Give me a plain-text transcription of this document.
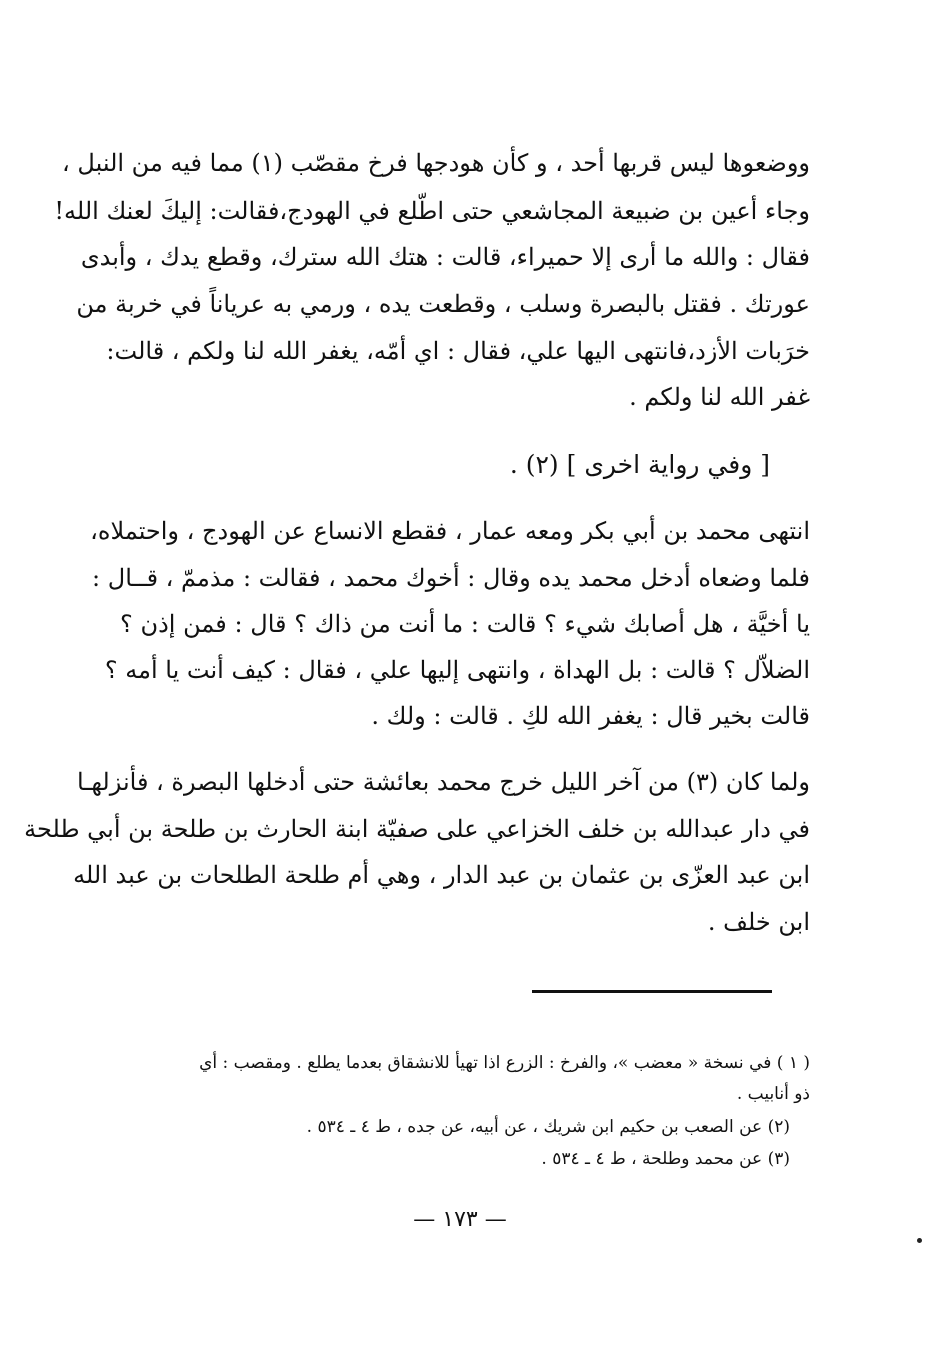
ووضعوها ليس قربها أحد ، و كأن هودجها فرخ مقصّب (١) مما فيه من النبل ،
وجاء أعين بن ضبيعة المجاشعي حتى اطّلع في الهودج،فقالت: إليكَ لعنك الله!
فقال : والله ما أرى إلا حميراء، قالت : هتك الله سترك، وقطع يدك ، وأبدى
عورتك . فقتل بالبصرة وسلب ، وقطعت يده ، ورمي به عرياناً في خربة من
خرَبات الأزد،فانتهى اليها علي، فقال : اي أمّه، يغفر الله لنا ولكم ، قالت:
غفر الله لنا ولكم .
[ وفي رواية اخرى ] (٢) .
انتهى محمد بن أبي بكر ومعه عمار ، فقطع الانساع عن الهودج ، واحتملاه،
فلما وضعاه أدخل محمد يده وقال : أخوك محمد ، فقالت : مذممّ ، قــال :
يا أخيَّة ، هل أصابك شيء ؟ قالت : ما أنت من ذاك ؟ قال : فمن إذن ؟
الضلاّل ؟ قالت : بل الهداة ، وانتهى إليها علي ، فقال : كيف أنت يا أمه ؟
قالت بخير قال : يغفر الله لكِ . قالت : ولك .
ولما كان (٣) من آخر الليل خرج محمد بعائشة حتى أدخلها البصرة ، فأنزلهـا
في دار عبدالله بن خلف الخزاعي على صفيّة ابنة الحارث بن طلحة بن أبي طلحة
ابن عبد العزّى بن عثمان بن عبد الدار ، وهي أم طلحة الطلحات بن عبد الله
ابن خلف .
( ١ ) في نسخة « معضب »، والفرخ : الزرع اذا تهيأ للانشقاق بعدما يطلع . ومقصب : أي
ذو أنابيب .
(٢) عن الصعب بن حكيم ابن شريك ، عن أبيه، عن جده ، ط ٤ ـ ٥٣٤ .
(٣) عن محمد وطلحة ، ط ٤ ـ ٥٣٤ .
— ١٧٣ —
